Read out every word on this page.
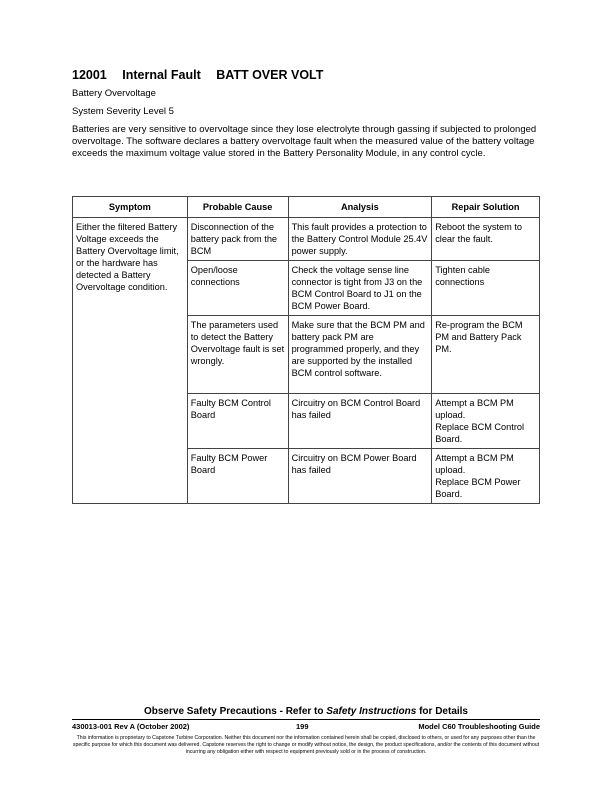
12001 Internal Fault BATT OVER VOLT
Battery Overvoltage
System Severity Level 5
Batteries are very sensitive to overvoltage since they lose electrolyte through gassing if subjected to prolonged overvoltage. The software declares a battery overvoltage fault when the measured value of the battery voltage exceeds the maximum voltage value stored in the Battery Personality Module, in any control cycle.
Symptom	Probable Cause	Analysis	Repair Solution
Either the filtered Battery Voltage exceeds the Battery Overvoltage limit, or the hardware has detected a Battery Overvoltage condition.	Disconnection of the battery pack from the BCM	This fault provides a protection to the Battery Control Module 25.4V power supply.	Reboot the system to clear the fault.
	Open/loose connections	Check the voltage sense line connector is tight from J3 on the BCM Control Board to J1 on the BCM Power Board.	Tighten cable connections
	The parameters used to detect the Battery Overvoltage fault is set wrongly.	Make sure that the BCM PM and battery pack PM are programmed properly, and they are supported by the installed BCM control software.	Re-program the BCM PM and Battery Pack PM.
	Faulty BCM Control Board	Circuitry on BCM Control Board has failed	Attempt a BCM PM upload.
Replace BCM Control Board.
	Faulty BCM Power Board	Circuitry on BCM Power Board has failed	Attempt a BCM PM upload.
Replace BCM Power Board.
Observe Safety Precautions - Refer to Safety Instructions for Details
430013-001 Rev A (October 2002)	199	Model C60 Troubleshooting Guide
This information is proprietary to Capstone Turbine Corporation. Neither this document nor the information contained herein shall be copied, disclosed to others, or used for any purposes other than the specific purpose for which this document was delivered. Capstone reserves the right to change or modify without notice, the design, the product specifications, and/or the contents of this document without incurring any obligation either with respect to equipment previously sold or in the process of construction.
